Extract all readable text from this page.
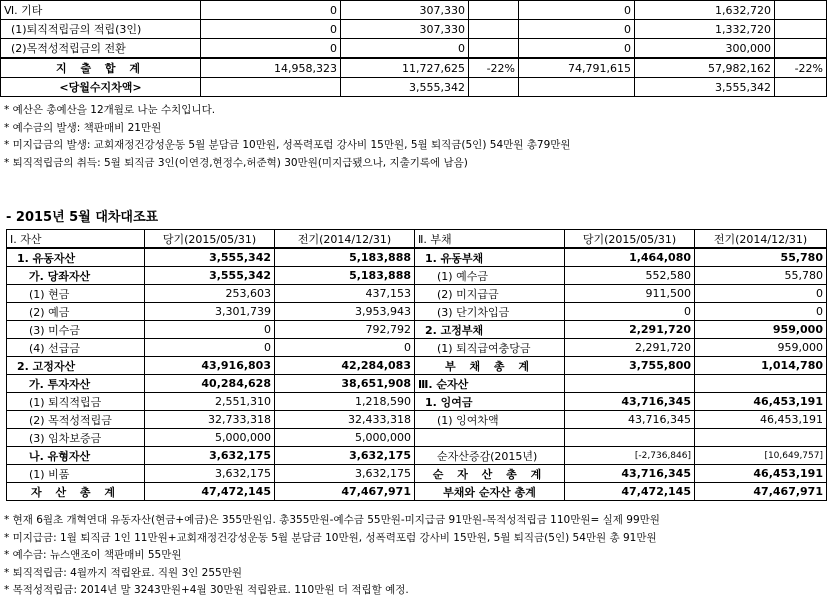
Ⅵ. 기타	0	307,330		0	1,632,720	
(1)퇴직적립금의 적립(3인)	0	307,330		0	1,332,720	
(2)목적성적립금의 전환	0	0		0	300,000	
지 출 합 계	14,958,323	11,727,625	-22%	74,791,615	57,982,162	-22%
<당월수지차액>		3,555,342			3,555,342	
* 예산은 총예산을 12개월로 나눈 수치입니다.
* 예수금의 발생: 책판매비 21만원
* 미지급금의 발생: 교회재정건강성운동 5월 분담금 10만원, 성폭력포럼 강사비 15만원, 5월 퇴직금(5인) 54만원 총79만원
* 퇴직적립금의 취득: 5월 퇴직금 3인(이연경,현정수,허준혁) 30만원(미지급됐으나, 지출기록에 남음)
- 2015년 5월 대차대조표
Ⅰ. 자산	당기(2015/05/31)	전기(2014/12/31)	Ⅱ. 부채	당기(2015/05/31)	전기(2014/12/31)
1. 유동자산	3,555,342	5,183,888	1. 유동부채	1,464,080	55,780
가. 당좌자산	3,555,342	5,183,888	(1) 예수금	552,580	55,780
(1) 현금	253,603	437,153	(2) 미지급금	911,500	0
(2) 예금	3,301,739	3,953,943	(3) 단기차입금	0	0
(3) 미수금	0	792,792	2. 고정부채	2,291,720	959,000
(4) 선급금	0	0	(1) 퇴직급여충당금	2,291,720	959,000
2. 고정자산	43,916,803	42,284,083	부 채 총 계	3,755,800	1,014,780
가. 투자자산	40,284,628	38,651,908	Ⅲ. 순자산		
(1) 퇴직적립금	2,551,310	1,218,590	1. 잉여금	43,716,345	46,453,191
(2) 목적성적립금	32,733,318	32,433,318	(1) 잉여차액	43,716,345	46,453,191
(3) 임차보증금	5,000,000	5,000,000			
나. 유형자산	3,632,175	3,632,175	순자산증감(2015년)	[-2,736,846]	[10,649,757]
(1) 비품	3,632,175	3,632,175	순 자 산 총 계	43,716,345	46,453,191
자 산 총 계	47,472,145	47,467,971	부채와 순자산 총계	47,472,145	47,467,971
* 현재 6월초 개혁연대 유동자산(현금+예금)은 355만원임. 총355만원-예수금 55만원-미지급금 91만원-목적성적립금 110만원= 실제 99만원
* 미지급금: 1월 퇴직금 1인 11만원+교회재정건강성운동 5월 분담금 10만원, 성폭력포럼 강사비 15만원, 5월 퇴직금(5인) 54만원 총 91만원
* 예수금: 뉴스앤조이 책판매비 55만원
* 퇴직적립금: 4월까지 적립완료. 직원 3인 255만원
* 목적성적립금: 2014년 말 3243만원+4월 30만원 적립완료. 110만원 더 적립할 예정.
